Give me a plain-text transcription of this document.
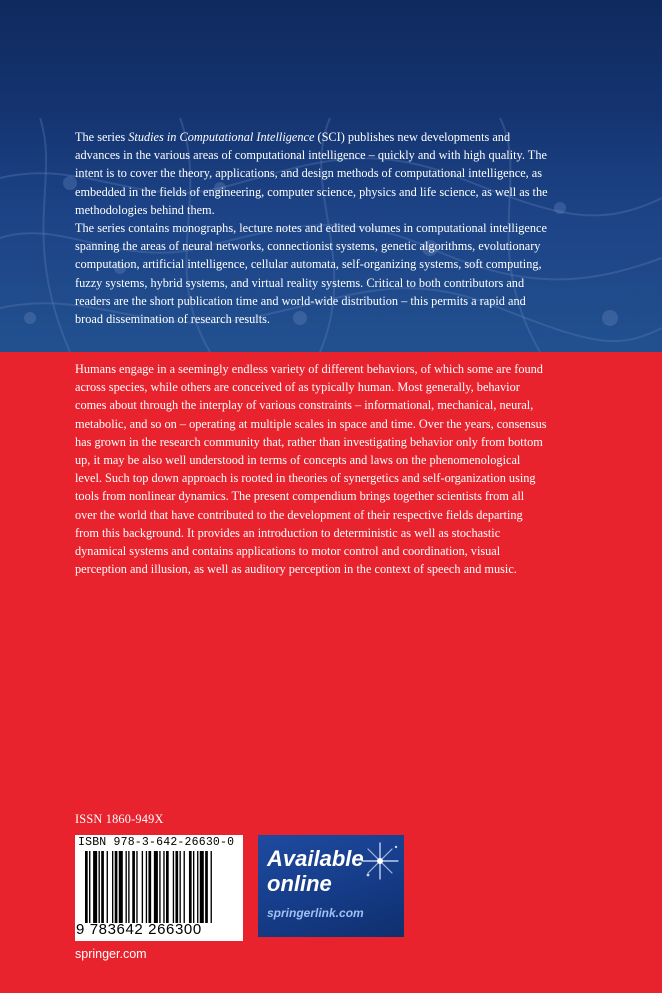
The series Studies in Computational Intelligence (SCI) publishes new developments and advances in the various areas of computational intelligence – quickly and with high quality. The intent is to cover the theory, applications, and design methods of computational intelligence, as embedded in the fields of engineering, computer science, physics and life science, as well as the methodologies behind them.

The series contains monographs, lecture notes and edited volumes in computational intelligence spanning the areas of neural networks, connectionist systems, genetic algorithms, evolutionary computation, artificial intelligence, cellular automata, self-organizing systems, soft computing, fuzzy systems, hybrid systems, and virtual reality systems. Critical to both contributors and readers are the short publication time and world-wide distribution – this permits a rapid and broad dissemination of research results.

Humans engage in a seemingly endless variety of different behaviors, of which some are found across species, while others are conceived of as typically human. Most generally, behavior comes about through the interplay of various constraints – informational, mechanical, neural, metabolic, and so on – operating at multiple scales in space and time. Over the years, consensus has grown in the research community that, rather than investigating behavior only from bottom up, it may be also well understood in terms of concepts and laws on the phenomenological level. Such top down approach is rooted in theories of synergetics and self-organization using tools from nonlinear dynamics. The present compendium brings together scientists from all over the world that have contributed to the development of their respective fields departing from this background. It provides an introduction to deterministic as well as stochastic dynamical systems and contains applications to motor control and coordination, visual perception and illusion, as well as auditory perception in the context of speech and music.

ISSN 1860-949X
ISBN 978-3-642-26630-0
9 783642 266300
Available online
springerlink.com
springer.com
